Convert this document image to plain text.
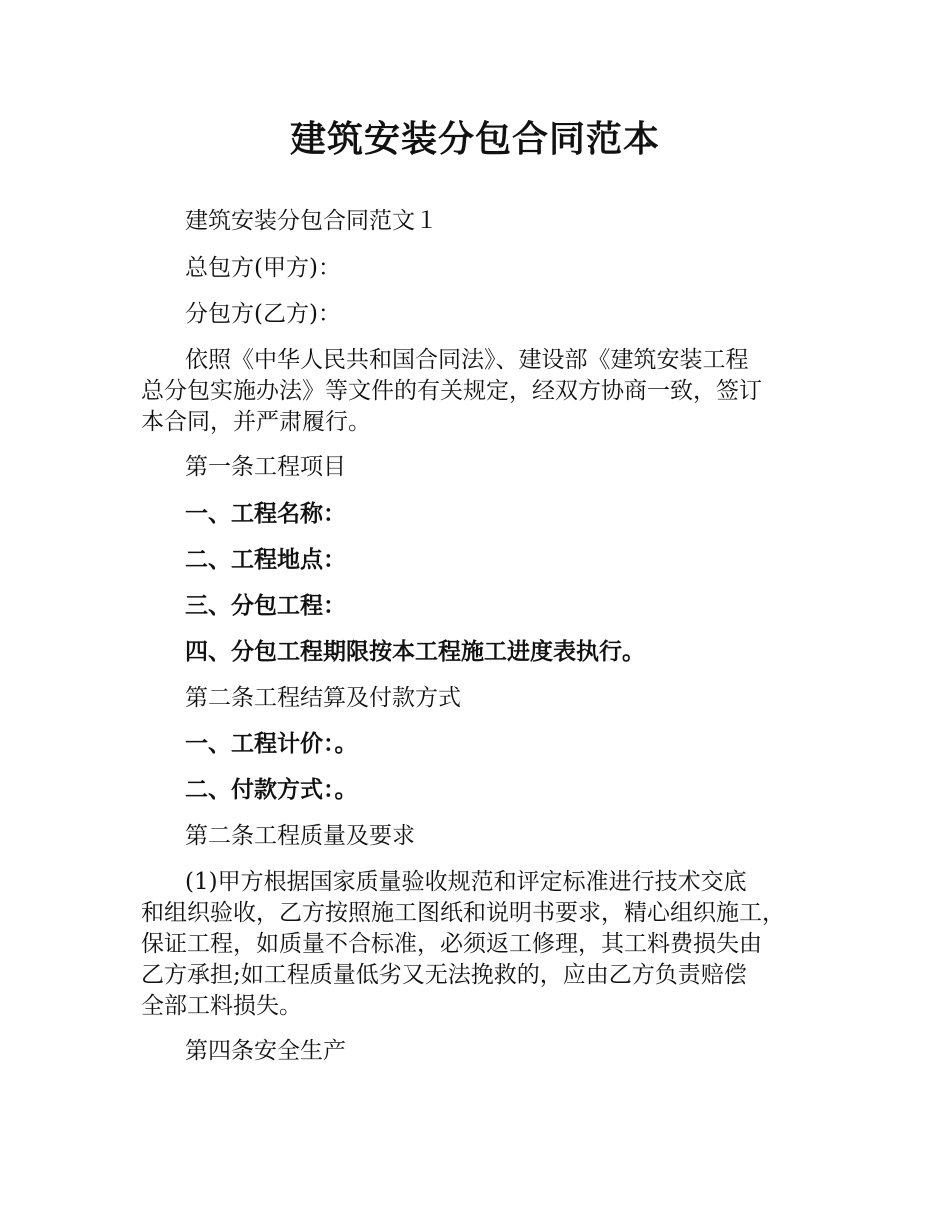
建筑安装分包合同范本

建筑安装分包合同范文１

总包方(甲方)：

分包方(乙方)：

依照《中华人民共和国合同法》、建设部《建筑安装工程

总分包实施办法》等文件的有关规定，经双方协商一致，签订

本合同，并严肃履行。

第一条工程项目

一、工程名称：

二、工程地点：

三、分包工程：

四、分包工程期限按本工程施工进度表执行。

第二条工程结算及付款方式

一、工程计价：。

二、付款方式：。

第二条工程质量及要求

(1)甲方根据国家质量验收规范和评定标准进行技术交底

和组织验收，乙方按照施工图纸和说明书要求，精心组织施工，

保证工程，如质量不合标准，必须返工修理，其工料费损失由

乙方承担;如工程质量低劣又无法挽救的，应由乙方负责赔偿

全部工料损失。

第四条安全生产
